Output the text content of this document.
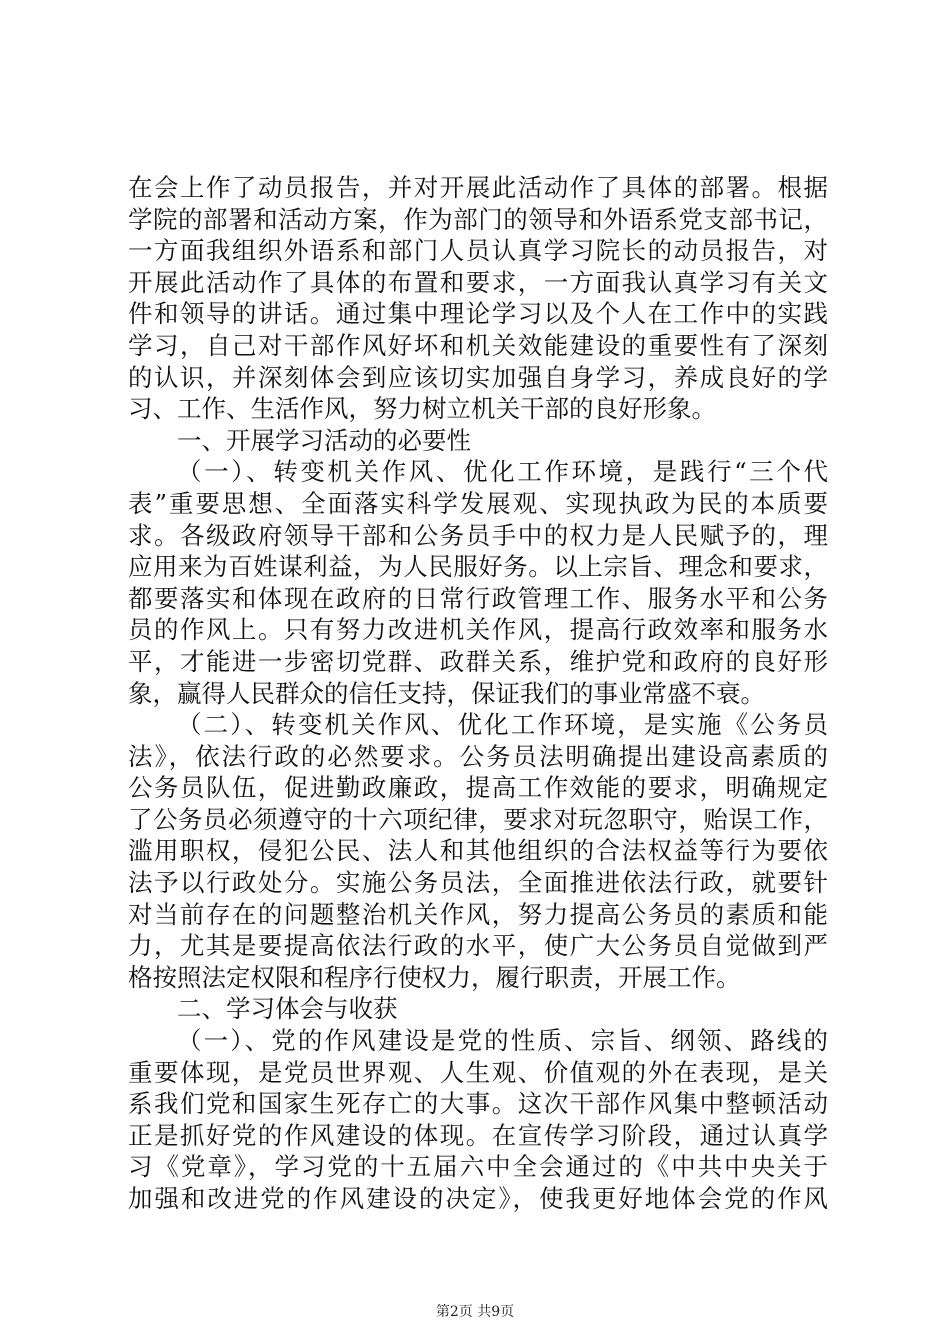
在会上作了动员报告，并对开展此活动作了具体的部署。根据
学院的部署和活动方案，作为部门的领导和外语系党支部书记，
一方面我组织外语系和部门人员认真学习院长的动员报告，对
开展此活动作了具体的布置和要求，一方面我认真学习有关文
件和领导的讲话。通过集中理论学习以及个人在工作中的实践
学习，自己对干部作风好坏和机关效能建设的重要性有了深刻
的认识，并深刻体会到应该切实加强自身学习，养成良好的学
习、工作、生活作风，努力树立机关干部的良好形象。
一、开展学习活动的必要性
（一）、转变机关作风、优化工作环境，是践行“三个代
表”重要思想、全面落实科学发展观、实现执政为民的本质要
求。各级政府领导干部和公务员手中的权力是人民赋予的，理
应用来为百姓谋利益，为人民服好务。以上宗旨、理念和要求，
都要落实和体现在政府的日常行政管理工作、服务水平和公务
员的作风上。只有努力改进机关作风，提高行政效率和服务水
平，才能进一步密切党群、政群关系，维护党和政府的良好形
象，赢得人民群众的信任支持，保证我们的事业常盛不衰。
（二）、转变机关作风、优化工作环境，是实施《公务员
法》，依法行政的必然要求。公务员法明确提出建设高素质的
公务员队伍，促进勤政廉政，提高工作效能的要求，明确规定
了公务员必须遵守的十六项纪律，要求对玩忽职守，贻误工作，
滥用职权，侵犯公民、法人和其他组织的合法权益等行为要依
法予以行政处分。实施公务员法，全面推进依法行政，就要针
对当前存在的问题整治机关作风，努力提高公务员的素质和能
力，尤其是要提高依法行政的水平，使广大公务员自觉做到严
格按照法定权限和程序行使权力，履行职责，开展工作。
二、学习体会与收获
（一）、党的作风建设是党的性质、宗旨、纲领、路线的
重要体现，是党员世界观、人生观、价值观的外在表现，是关
系我们党和国家生死存亡的大事。这次干部作风集中整顿活动
正是抓好党的作风建设的体现。在宣传学习阶段，通过认真学
习《党章》，学习党的十五届六中全会通过的《中共中央关于
加强和改进党的作风建设的决定》，使我更好地体会党的作风
第2页 共9页
